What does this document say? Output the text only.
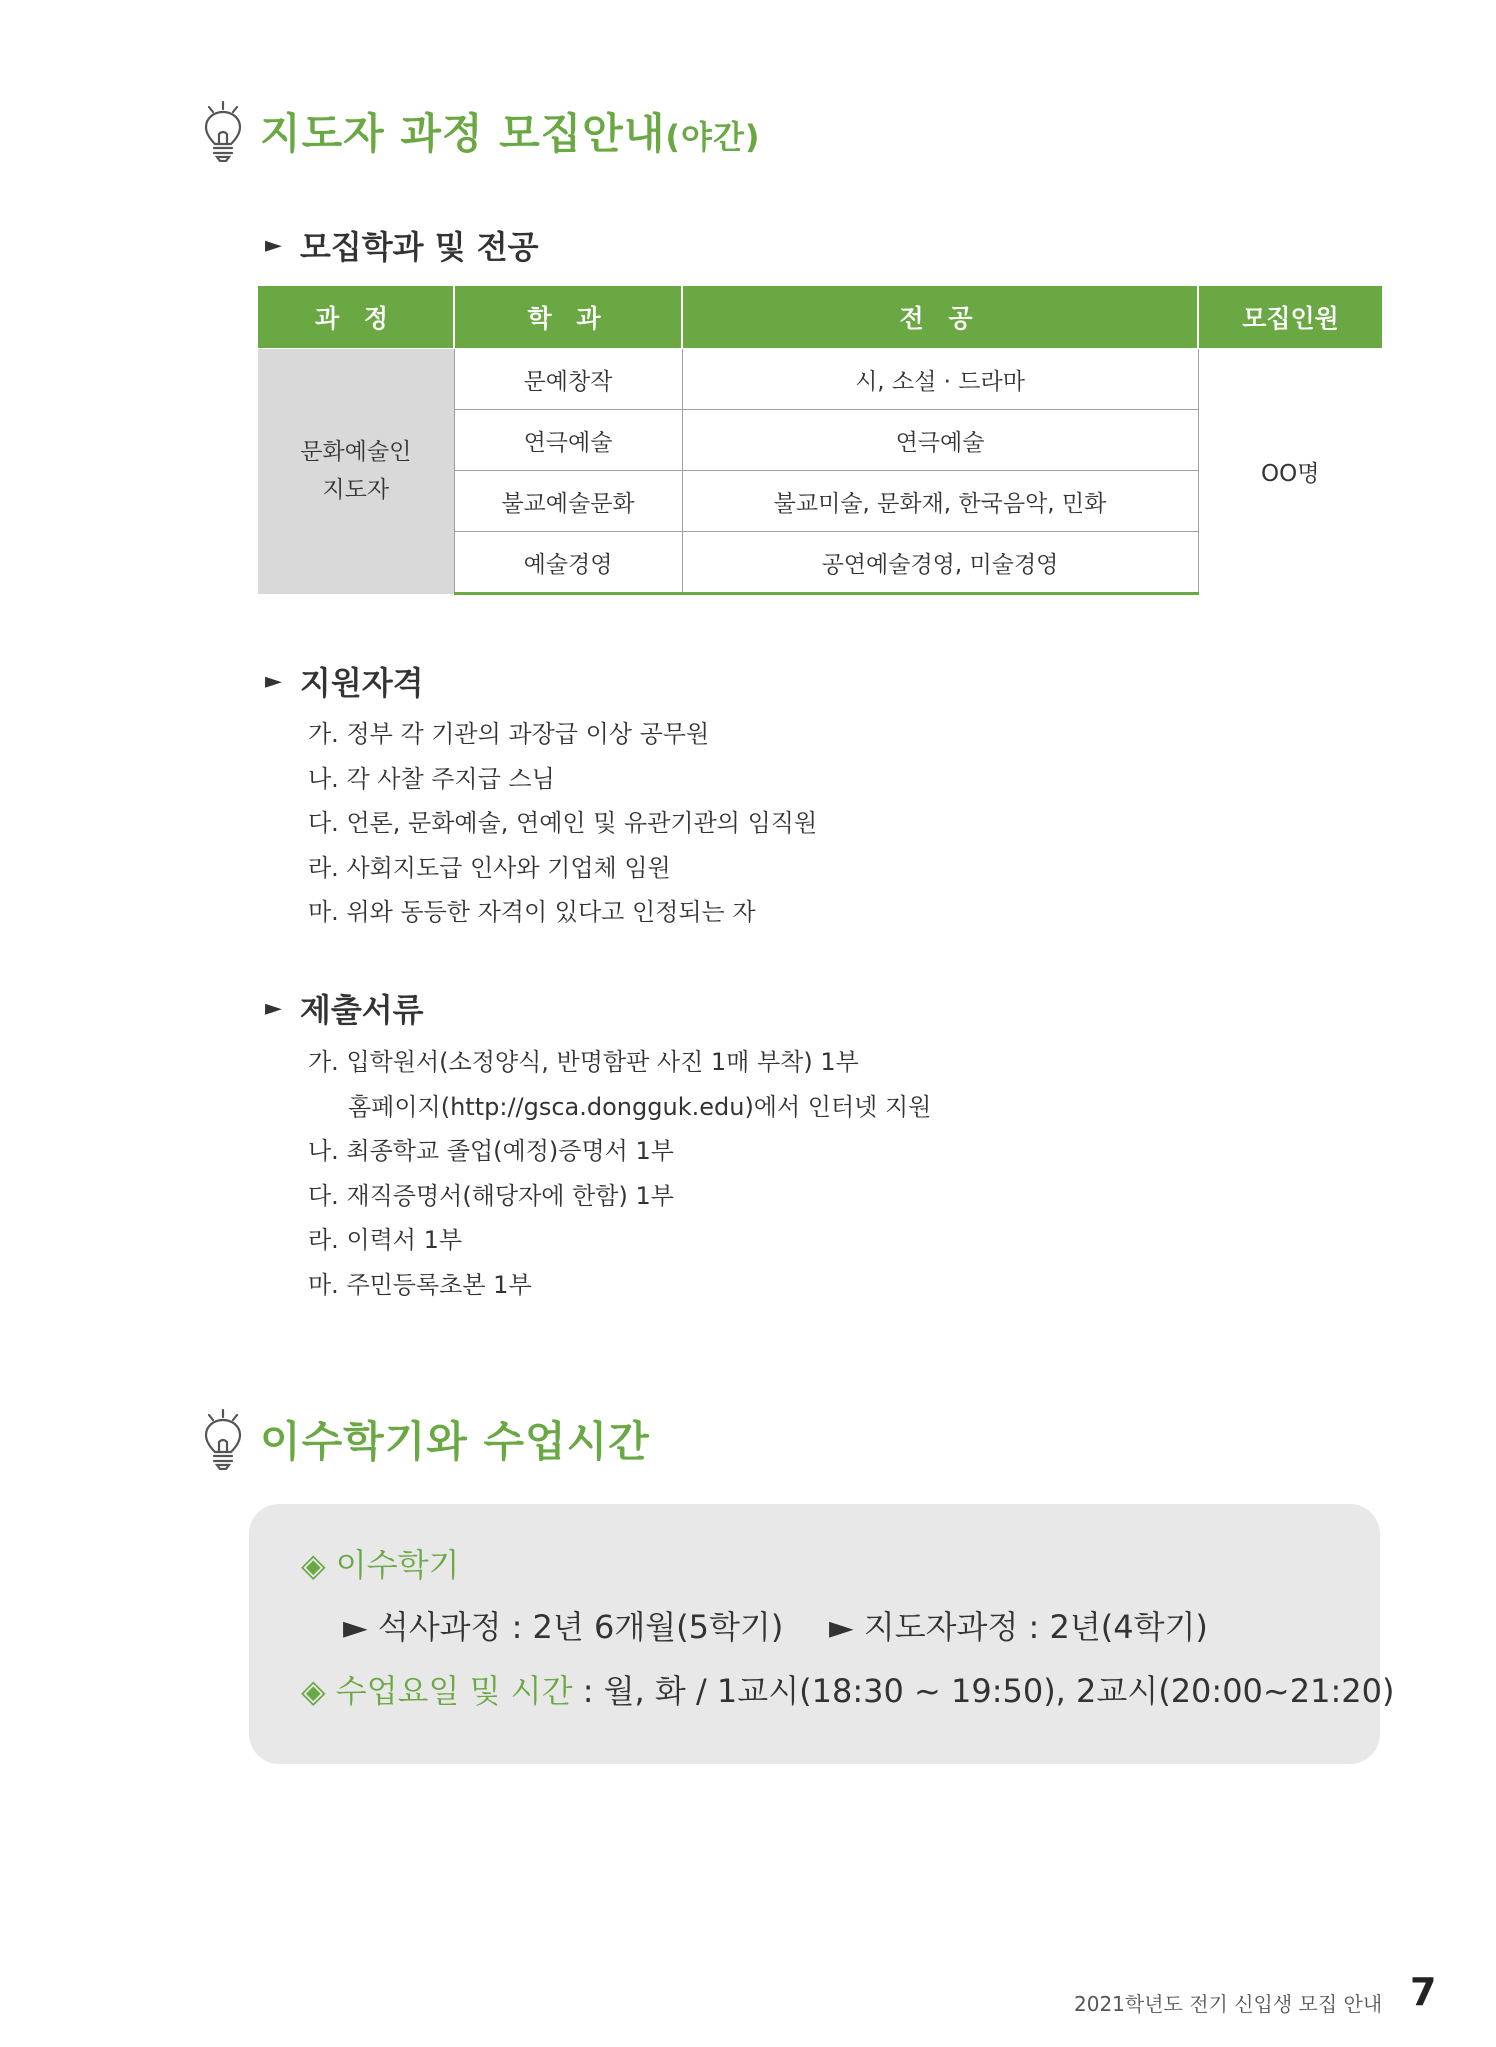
지도자 과정 모집안내(야간)
► 모집학과 및 전공
과 정	학 과	전 공	모집인원
문화예술인
지도자	문예창작	시, 소설 · 드라마	OO명
	연극예술	연극예술	
	불교예술문화	불교미술, 문화재, 한국음악, 민화	
	예술경영	공연예술경영, 미술경영	
► 지원자격
가. 정부 각 기관의 과장급 이상 공무원
나. 각 사찰 주지급 스님
다. 언론, 문화예술, 연예인 및 유관기관의 임직원
라. 사회지도급 인사와 기업체 임원
마. 위와 동등한 자격이 있다고 인정되는 자
► 제출서류
가. 입학원서(소정양식, 반명함판 사진 1매 부착) 1부
홈페이지(http://gsca.dongguk.edu)에서 인터넷 지원
나. 최종학교 졸업(예정)증명서 1부
다. 재직증명서(해당자에 한함) 1부
라. 이력서 1부
마. 주민등록초본 1부
이수학기와 수업시간
◈ 이수학기
► 석사과정 : 2년 6개월(5학기) ► 지도자과정 : 2년(4학기)
◈ 수업요일 및 시간 : 월, 화 / 1교시(18:30 ~ 19:50), 2교시(20:00~21:20)
2021학년도 전기 신입생 모집 안내 7
